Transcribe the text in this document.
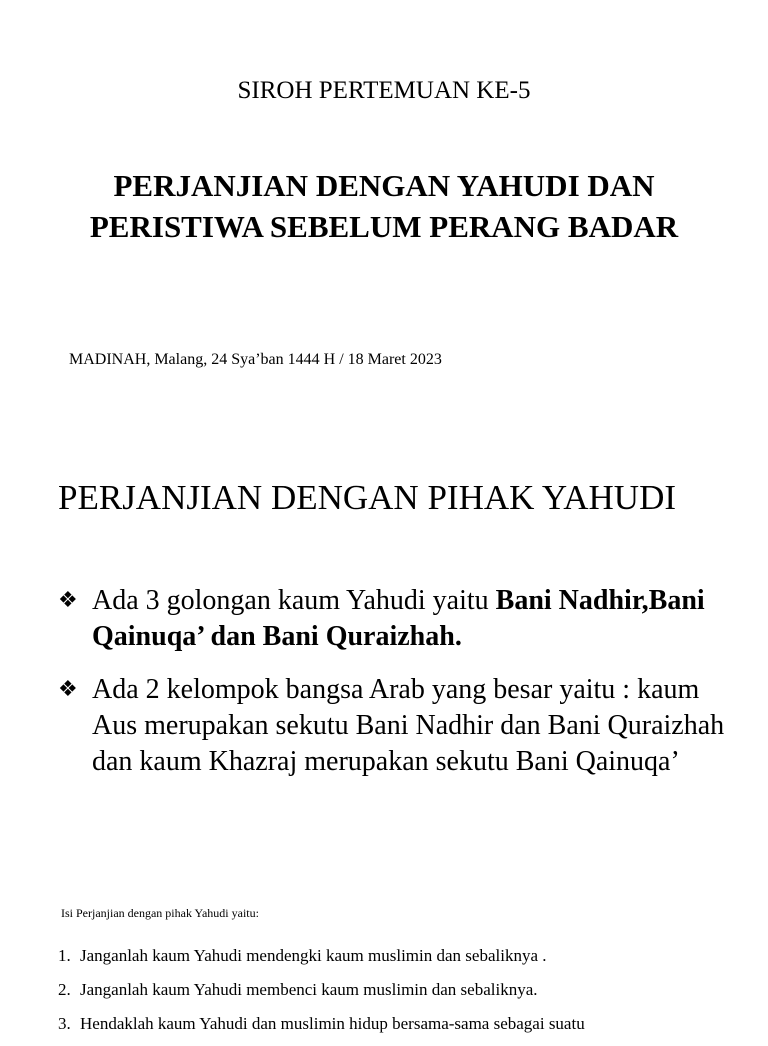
SIROH PERTEMUAN KE-5
PERJANJIAN DENGAN YAHUDI DAN
PERISTIWA SEBELUM PERANG BADAR
MADINAH, Malang, 24 Sya’ban 1444 H / 18 Maret 2023
PERJANJIAN DENGAN PIHAK YAHUDI
❖ Ada 3 golongan kaum Yahudi yaitu Bani Nadhir,Bani Qainuqa’ dan Bani Quraizhah.
❖ Ada 2 kelompok bangsa Arab yang besar yaitu : kaum Aus merupakan sekutu Bani Nadhir dan Bani Quraizhah dan kaum Khazraj merupakan sekutu Bani Qainuqa’
Isi Perjanjian dengan pihak Yahudi yaitu:
1. Janganlah kaum Yahudi mendengki kaum muslimin dan sebaliknya .
2. Janganlah kaum Yahudi membenci kaum muslimin dan sebaliknya.
3. Hendaklah kaum Yahudi dan muslimin hidup bersama-sama sebagai suatu
